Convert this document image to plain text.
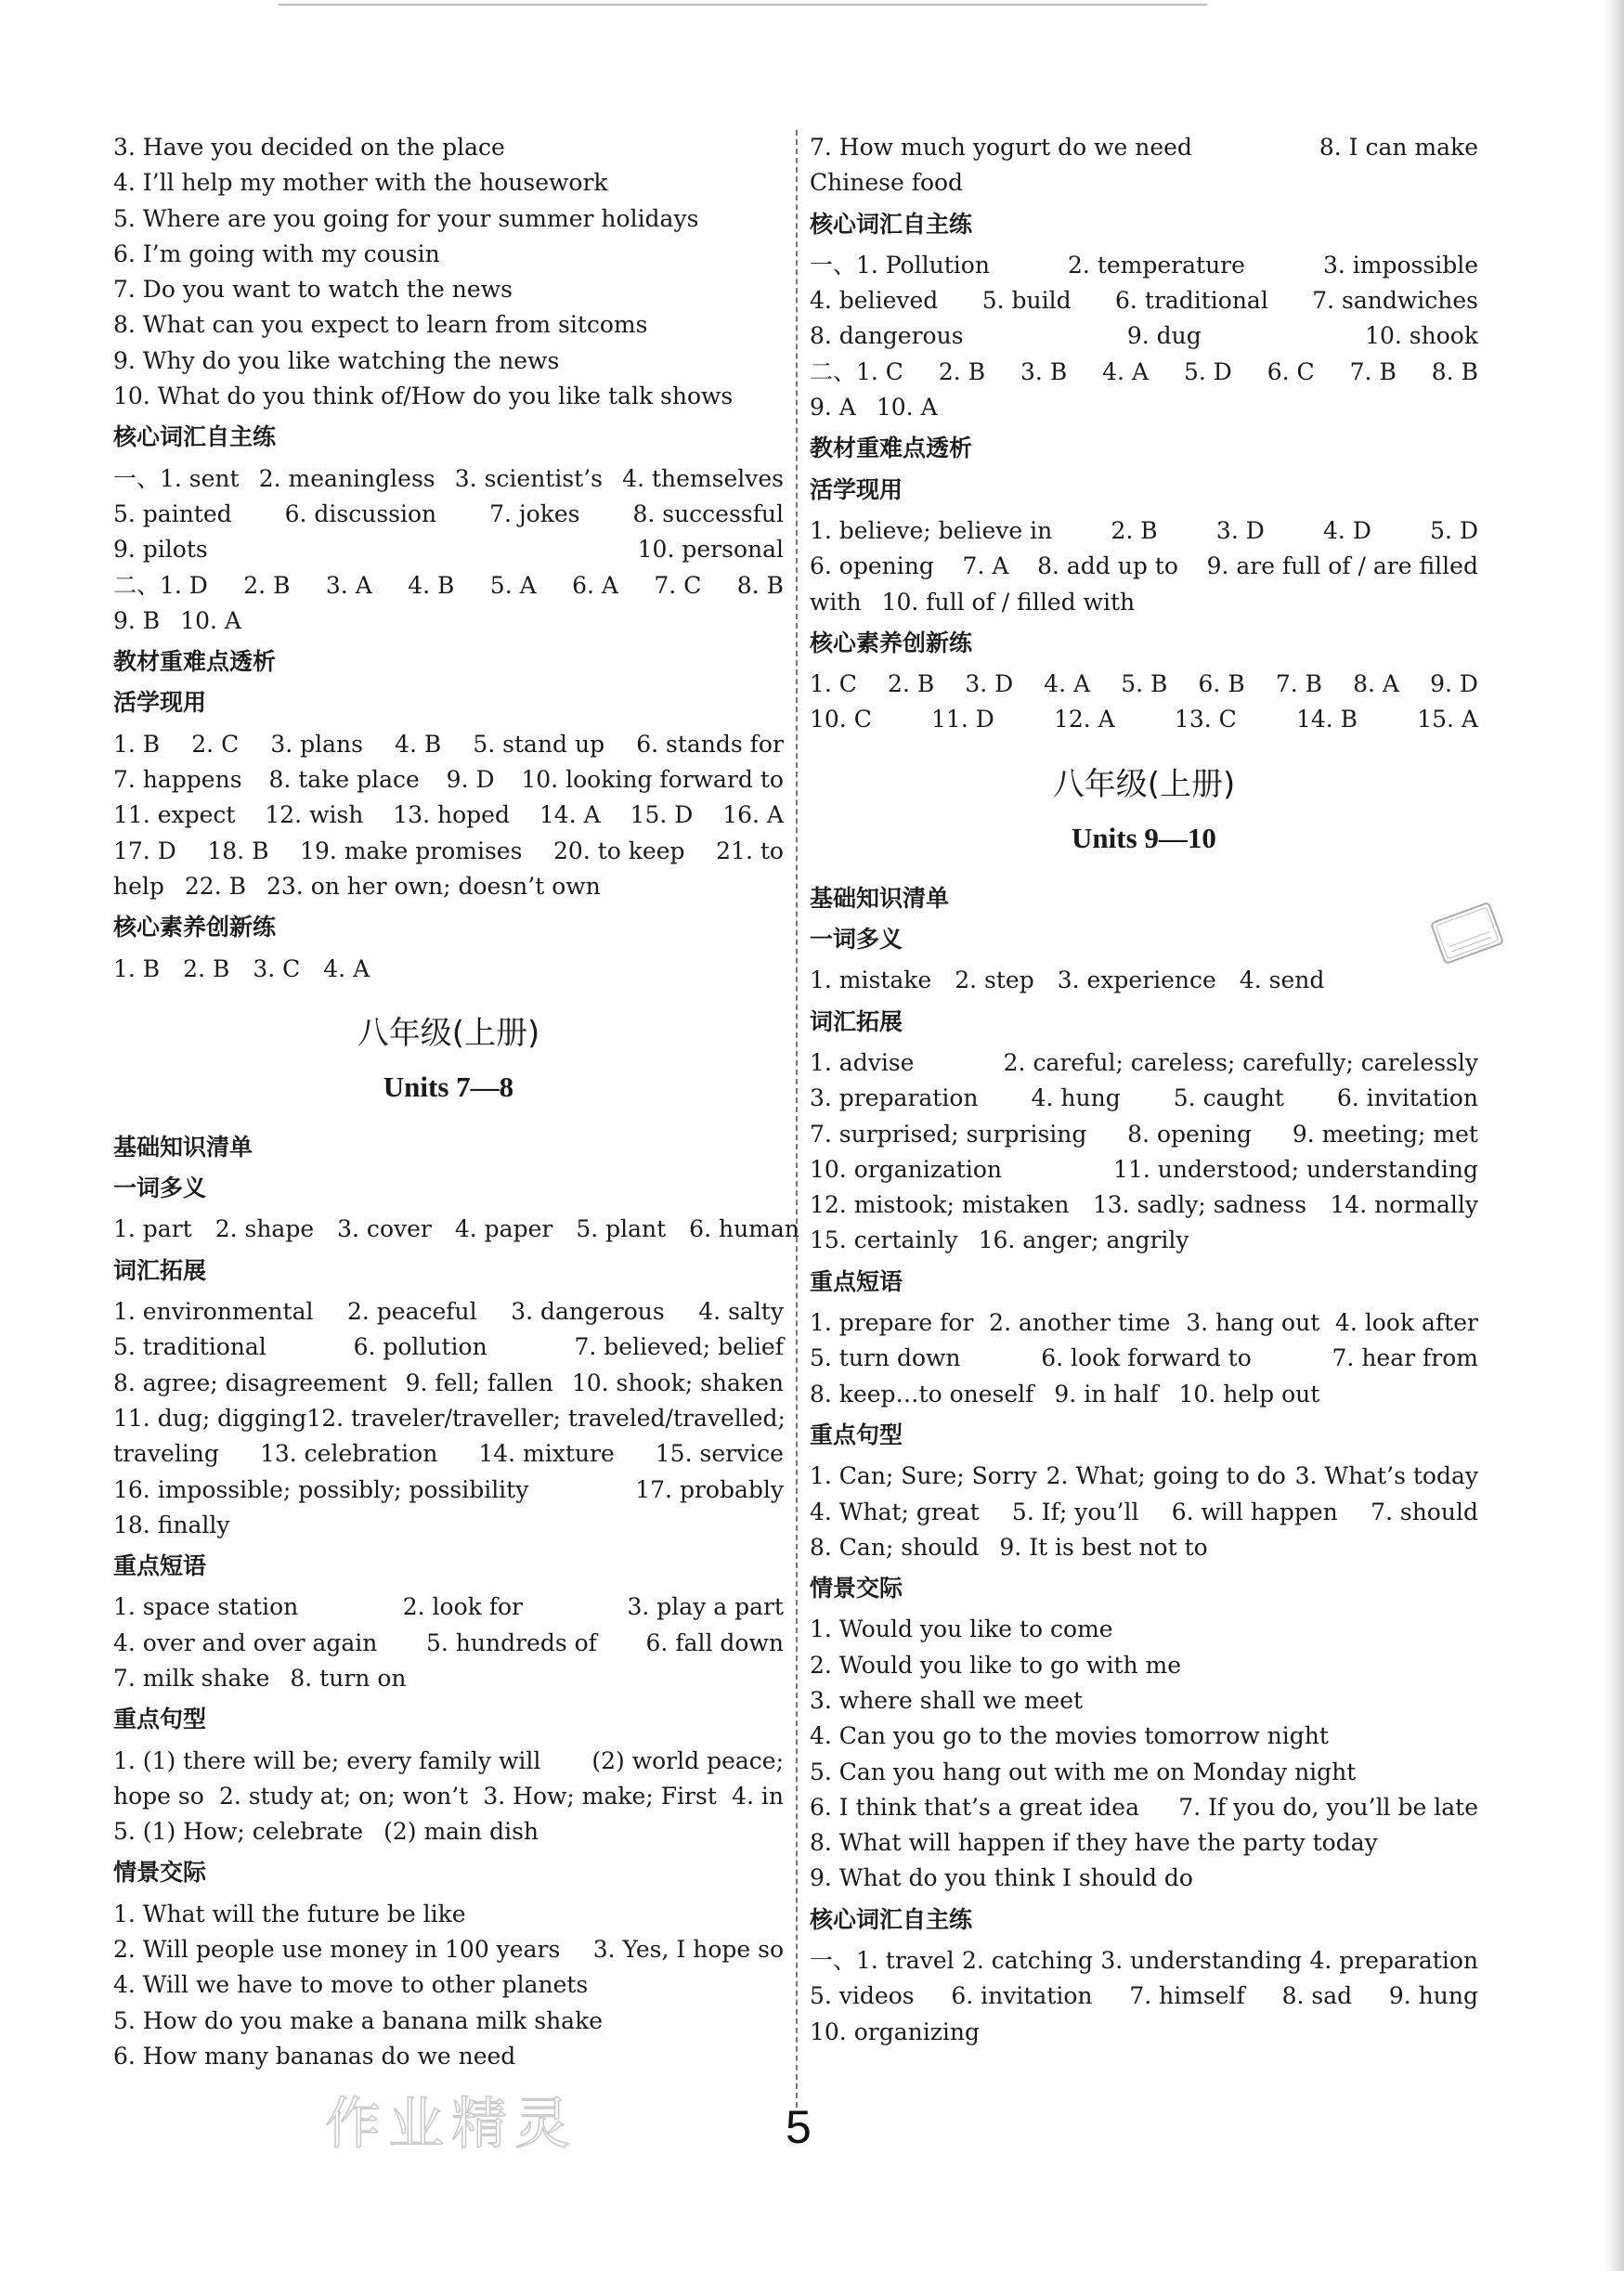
3. Have you decided on the place
4. I’ll help my mother with the housework
5. Where are you going for your summer holidays
6. I’m going with my cousin
7. Do you want to watch the news
8. What can you expect to learn from sitcoms
9. Why do you like watching the news
10. What do you think of/How do you like talk shows
核心词汇自主练
一、1. sent 2. meaningless 3. scientist’s 4. themselves
5. painted 6. discussion 7. jokes 8. successful
9. pilots	10. personal
二、1. D 2. B 3. A 4. B 5. A 6. A 7. C 8. B
9. B 10. A
教材重难点透析
活学现用
1. B 2. C 3. plans 4. B 5. stand up 6. stands for
7. happens 8. take place 9. D 10. looking forward to
11. expect 12. wish 13. hoped 14. A 15. D 16. A
17. D 18. B 19. make promises 20. to keep 21. to
help 22. B 23. on her own; doesn’t own
核心素养创新练
1. B　2. B　3. C　4. A
八年级(上册)
Units 7—8
基础知识清单
一词多义
1. part　2. shape　3. cover　4. paper　5. plant　6. human
词汇拓展
1. environmental 2. peaceful 3. dangerous 4. salty
5. traditional	6. pollution	7. believed; belief
8. agree; disagreement 9. fell; fallen 10. shook; shaken
11. dug; digging 12. traveler/traveller; traveled/travelled;
traveling 13. celebration 14. mixture 15. service
16. impossible; possibly; possibility	17. probably
18. finally
重点短语
1. space station	2. look for	3. play a part
4. over and over again 5. hundreds of 6. fall down
7. milk shake 8. turn on
重点句型
1. (1) there will be; every family will (2) world peace;
hope so 2. study at; on; won’t 3. How; make; First 4. in
5. (1) How; celebrate (2) main dish
情景交际
1. What will the future be like
2. Will people use money in 100 years 3. Yes, I hope so
4. Will we have to move to other planets
5. How do you make a banana milk shake
6. How many bananas do we need
7. How much yogurt do we need	8. I can make
Chinese food
核心词汇自主练
一、1. Pollution	2. temperature	3. impossible
4. believed 5. build 6. traditional 7. sandwiches
8. dangerous	9. dug	10. shook
二、1. C 2. B 3. B 4. A 5. D 6. C 7. B 8. B
9. A 10. A
教材重难点透析
活学现用
1. believe; believe in	2. B	3. D	4. D	5. D
6. opening 7. A 8. add up to 9. are full of / are filled
with 10. full of / filled with
核心素养创新练
1. C 2. B 3. D 4. A 5. B 6. B 7. B 8. A 9. D
10. C	11. D	12. A	13. C	14. B	15. A
八年级(上册)
Units 9—10
基础知识清单
一词多义
1. mistake　2. step　3. experience　4. send
词汇拓展
1. advise	2. careful; careless; carefully; carelessly
3. preparation 4. hung 5. caught 6. invitation
7. surprised; surprising 8. opening 9. meeting; met
10. organization	11. understood; understanding
12. mistook; mistaken 13. sadly; sadness 14. normally
15. certainly 16. anger; angrily
重点短语
1. prepare for 2. another time 3. hang out 4. look after
5. turn down	6. look forward to	7. hear from
8. keep…to oneself 9. in half 10. help out
重点句型
1. Can; Sure; Sorry 2. What; going to do 3. What’s today
4. What; great 5. If; you’ll 6. will happen 7. should
8. Can; should 9. It is best not to
情景交际
1. Would you like to come
2. Would you like to go with me
3. where shall we meet
4. Can you go to the movies tomorrow night
5. Can you hang out with me on Monday night
6. I think that’s a great idea 7. If you do, you’ll be late
8. What will happen if they have the party today
9. What do you think I should do
核心词汇自主练
一、1. travel 2. catching 3. understanding 4. preparation
5. videos 6. invitation 7. himself 8. sad 9. hung
10. organizing
作业精灵	5
